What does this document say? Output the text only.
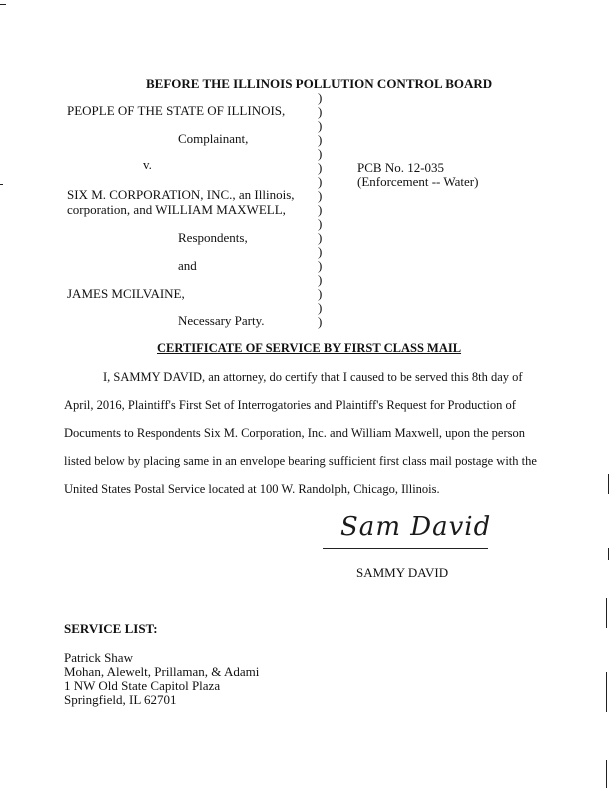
BEFORE THE ILLINOIS POLLUTION CONTROL BOARD
PEOPLE OF THE STATE OF ILLINOIS,
Complainant,
v.
SIX M. CORPORATION, INC., an Illinois,
corporation, and WILLIAM MAXWELL,
Respondents,
and
JAMES MCILVAINE,
Necessary Party.
)
)
)
)
)
)
)
)
)
)
)
)
)
)
)
)
)
PCB No. 12-035
(Enforcement -- Water)
CERTIFICATE OF SERVICE BY FIRST CLASS MAIL
I, SAMMY DAVID, an attorney, do certify that I caused to be served this 8th day of
April, 2016, Plaintiff's First Set of Interrogatories and Plaintiff's Request for Production of
Documents to Respondents Six M. Corporation, Inc. and William Maxwell, upon the person
listed below by placing same in an envelope bearing sufficient first class mail postage with the
United States Postal Service located at 100 W. Randolph, Chicago, Illinois.
Sam David
SAMMY DAVID
SERVICE LIST:
Patrick Shaw
Mohan, Alewelt, Prillaman, & Adami
1 NW Old State Capitol Plaza
Springfield, IL 62701
